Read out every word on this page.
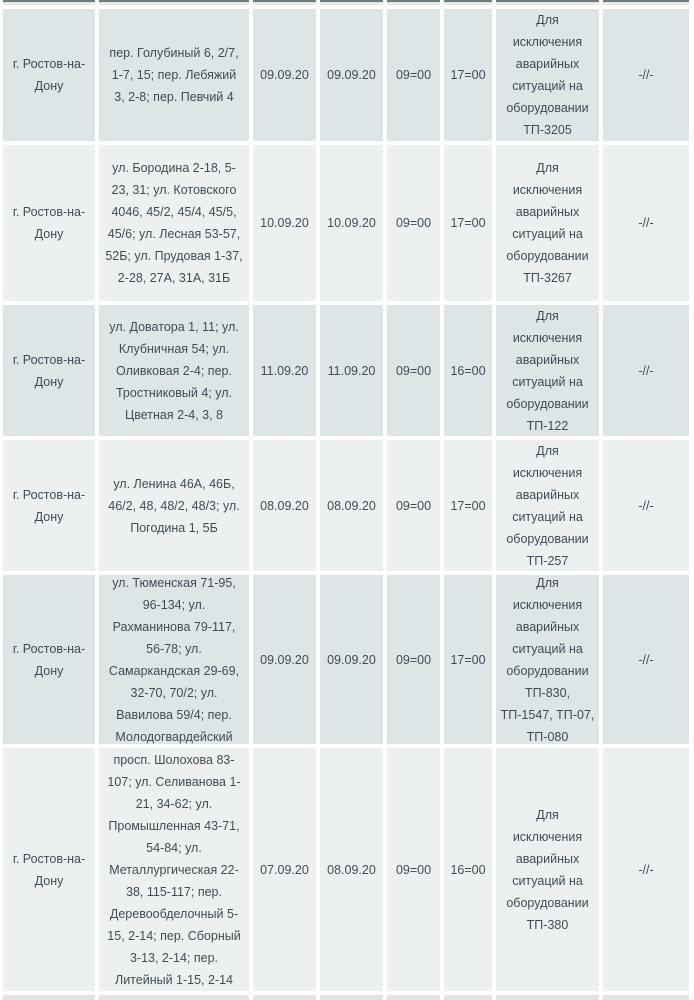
г. Ростов-на-Дону
пер. Голубиный 6, 2/7, 1-7, 15; пер. Лебяжий 3, 2-8; пер. Певчий 4
09.09.20	09.09.20	09=00	17=00
Для исключения аварийных ситуаций на оборудовании ТП-3205
-//-
г. Ростов-на-Дону
ул. Бородина 2-18, 5-23, 31; ул. Котовского 4046, 45/2, 45/4, 45/5, 45/6; ул. Лесная 53-57, 52Б; ул. Прудовая 1-37, 2-28, 27А, 31А, 31Б
10.09.20	10.09.20	09=00	17=00
Для исключения аварийных ситуаций на оборудовании ТП-3267
-//-
г. Ростов-на-Дону
ул. Доватора 1, 11; ул. Клубничная 54; ул. Оливковая 2-4; пер. Тростниковый 4; ул. Цветная 2-4, 3, 8
11.09.20	11.09.20	09=00	16=00
Для исключения аварийных ситуаций на оборудовании ТП-122
-//-
г. Ростов-на-Дону
ул. Ленина 46А, 46Б, 46/2, 48, 48/2, 48/3; ул. Погодина 1, 5Б
08.09.20	08.09.20	09=00	17=00
Для исключения аварийных ситуаций на оборудовании ТП-257
-//-
г. Ростов-на-Дону
ул. Тюменская 71-95, 96-134; ул. Рахманинова 79-117, 56-78; ул. Самаркандская 29-69, 32-70, 70/2; ул. Вавилова 59/4; пер. Молодогвардейский
09.09.20	09.09.20	09=00	17=00
Для исключения аварийных ситуаций на оборудовании ТП-830, ТП-1547, ТП-07, ТП-080
-//-
г. Ростов-на-Дону
просп. Шолохова 83-107; ул. Селиванова 1-21, 34-62; ул. Промышленная 43-71, 54-84; ул. Металлургическая 22-38, 115-117; пер. Деревообделочный 5-15, 2-14; пер. Сборный 3-13, 2-14; пер. Литейный 1-15, 2-14
07.09.20	08.09.20	09=00	16=00
Для исключения аварийных ситуаций на оборудовании ТП-380
-//-
